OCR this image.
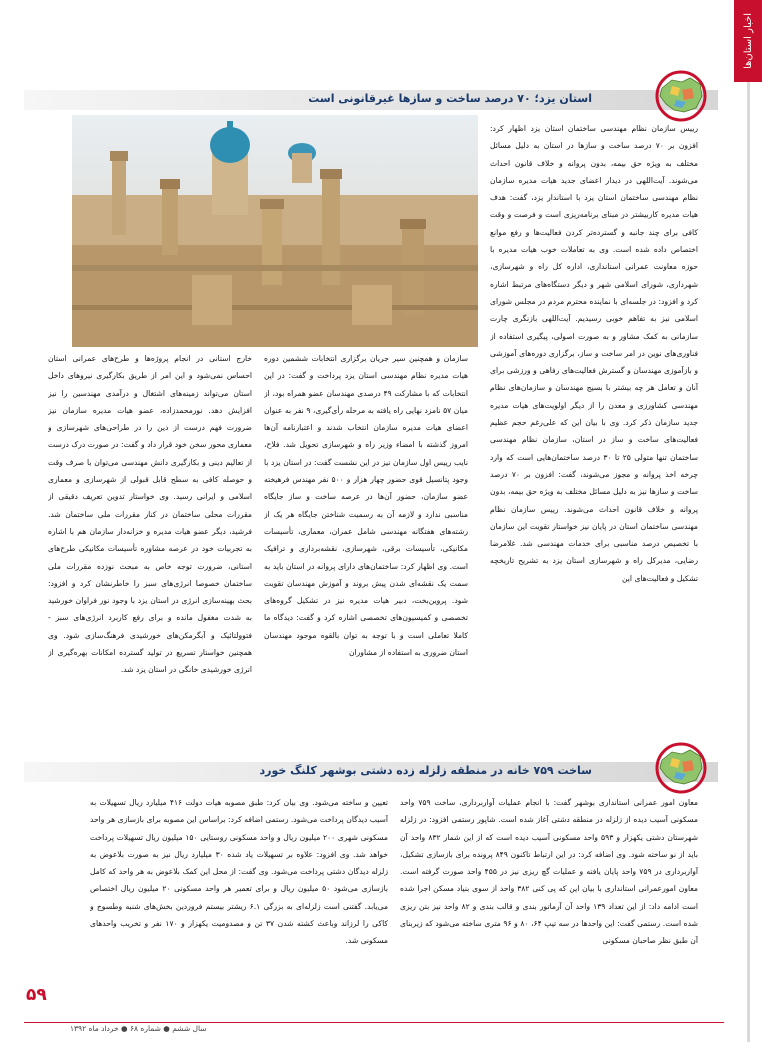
اخبار استان‌ها
استان یزد؛ ۷۰ درصد ساخت و سازها غیرقانونی است
رییس سازمان نظام مهندسی ساختمان استان یزد اظهار کرد: افزون بر ۷۰ درصد ساخت و سازها در استان به دلیل مسائل مختلف به ویژه حق بیمه، بدون پروانه و خلاف قانون احداث می‌شوند. آیت‌اللهی در دیدار اعضای جدید هیات مدیره سازمان نظام مهندسی ساختمان استان یزد با استاندار یزد، گفت: هدف هیات مدیره کاربیشتر در مبنای برنامه‌ریزی است و فرصت و وقت کافی برای چند جانبه و گسترده‌تر کردن فعالیت‌ها و رفع موانع اختصاص داده شده است. وی به تعاملات خوب هیات مدیره با حوزه معاونت عمرانی استانداری، اداره کل راه و شهرسازی، شهرداری، شورای اسلامی شهر و دیگر دستگاه‌های مرتبط اشاره کرد و افزود: در جلسه‌ای با نماینده محترم مردم در مجلس شورای اسلامی نیز به تفاهم خوبی رسیدیم. آیت‌اللهی بازنگری چارت سازمانی به کمک مشاور و به صورت اصولی، پیگیری استفاده از فناوری‌های نوین در امر ساخت و ساز، برگزاری دوره‌های آموزشی و بازآموزی مهندسان و گسترش فعالیت‌های رفاهی و ورزشی برای آنان و تعامل هر چه بیشتر با بسیج مهندسان و سازمان‌های نظام مهندسی کشاورزی و معدن را از دیگر اولویت‌های هیات مدیره جدید سازمان ذکر کرد. وی با بیان این که علی‌رغم حجم عظیم فعالیت‌های ساخت و ساز در استان، سازمان نظام مهندسی ساختمان تنها متولی ۲۵ تا ۳۰ درصد ساختمان‌هایی است که وارد چرخه اخذ پروانه و مجوز می‌شوند، گفت: افزون بر ۷۰ درصد ساخت و سازها نیز به دلیل مسائل مختلف به ویژه حق بیمه، بدون پروانه و خلاف قانون احداث می‌شوند. رییس سازمان نظام مهندسی ساختمان استان در پایان نیز خواستار تقویت این سازمان با تخصیص درصد مناسبی برای خدمات مهندسی شد. غلامرضا رضایی، مدیرکل راه و شهرسازی استان یزد به تشریح تاریخچه تشکیل و فعالیت‌های این
سازمان و همچنین سیر جریان برگزاری انتخابات ششمین دوره هیات مدیره نظام مهندسی استان یزد پرداخت و گفت: در این انتخابات که با مشارکت ۴۹ درصدی مهندسان عضو همراه بود، از میان ۵۷ نامزد نهایی راه یافته به مرحله رأی‌گیری، ۹ نفر به عنوان اعضای هیات مدیره سازمان انتخاب شدند و اعتبارنامه آن‌ها امروز گذشته با امضاء وزیر راه و شهرسازی تحویل شد. فلاح، نایب رییس اول سازمان نیز در این نشست گفت: در استان یزد با وجود پتانسیل قوی حضور چهار هزار و ۵۰۰ نفر مهندس فرهیخته عضو سازمان، حضور آن‌ها در عرصه ساخت و ساز جایگاه مناسبی ندارد و لازمه آن به رسمیت شناختن جایگاه هر یک از رشته‌های هفتگانه مهندسی شامل عمران، معماری، تأسیسات مکانیکی، تأسیسات برقی، شهرسازی، نقشه‌برداری و ترافیک است. وی اظهار کرد: ساختمان‌های دارای پروانه در استان باید به سمت یک نقشه‌ای شدن پیش بروند و آموزش مهندسان تقویت شود. پروین‌بخت، دبیر هیات مدیره نیز در تشکیل گروه‌های تخصصی و کمیسیون‌های تخصصی اشاره کرد و گفت: دیدگاه ما کاملا تعاملی است و با توجه به توان بالقوه موجود مهندسان استان ضروری به استفاده از مشاوران
خارج استانی در انجام پروژه‌ها و طرح‌های عمرانی استان احساس نمی‌شود و این امر از طریق بکارگیری نیروهای داخل استان می‌تواند زمینه‌های اشتغال و درآمدی مهندسین را نیز افزایش دهد. نورمحمدزاده، عضو هیات مدیره سازمان نیز ضرورت فهم درست از دین را در طراحی‌های شهرسازی و معماری محور سخن خود قرار داد و گفت: در صورت درک درست از تعالیم دینی و بکارگیری دانش مهندسی می‌توان با صرف وقت و حوصله کافی به سطح قابل قبولی از شهرسازی و معماری اسلامی و ایرانی رسید. وی خواستار تدوین تعریف دقیقی از مقررات محلی ساختمان در کنار مقررات ملی ساختمان شد. فرشید، دیگر عضو هیات مدیره و خزانه‌دار سازمان هم با اشاره به تجربیات خود در عرصه مشاوره تأسیسات مکانیکی طرح‌های استانی، ضرورت توجه خاص به مبحث نوزده مقررات ملی ساختمان خصوصا انرژی‌های سبز را خاطرنشان کرد و افزود: بحث بهینه‌سازی انرژی در استان یزد با وجود نور فراوان خورشید به شدت مغفول مانده و برای رفع کاربرد انرژی‌های سبز - فتوولتائیک و آبگرمکن‌های خورشیدی فرهنگ‌سازی شود. وی همچنین خواستار تسریع در تولید گسترده امکانات بهره‌گیری از انرژی خورشیدی خانگی در استان یزد شد.
ساخت ۷۵۹ خانه در منطقه زلزله زده دشتی بوشهر کلنگ خورد
معاون امور عمرانی استانداری بوشهر گفت: با انجام عملیات آواربرداری، ساخت ۷۵۹ واحد مسکونی آسیب دیده از زلزله در منطقه دشتی آغاز شده است. شاپور رستمی افزود: در زلزله شهرستان دشتی یکهزار و ۵۹۳ واحد مسکونی آسیب دیده است که از این شمار ۸۳۲ واحد آن باید از نو ساخته شود. وی اضافه کرد: در این ارتباط تاکنون ۸۴۹ پرونده برای بازسازی تشکیل، آواربرداری در ۷۵۹ واحد پایان یافته و عملیات گچ ریزی نیز در ۴۵۵ واحد صورت گرفته است. معاون امورعمرانی استانداری با بیان این که پی کنی ۳۸۲ واحد از سوی بنیاد مسکن اجرا شده است ادامه داد: از این تعداد ۱۳۹ واحد آن آرماتور بندی و قالب بندی و ۸۲ واحد نیز بتن ریزی شده است. رستمی گفت: این واحدها در سه تیپ ۶۴، ۸۰ و ۹۶ متری ساخته می‌شود که زیربنای آن طبق نظر صاحبان مسکونی
تعیین و ساخته می‌شود. وی بیان کرد: طبق مصوبه هیات دولت ۴۱۶ میلیارد ریال تسهیلات به آسیب دیدگان پرداخت می‌شود. رستمی اضافه کرد: براساس این مصوبه برای بازسازی هر واحد مسکونی شهری ۲۰۰ میلیون ریال و واحد مسکونی روستایی ۱۵۰ میلیون ریال تسهیلات پرداخت خواهد شد. وی افزود: علاوه بر تسهیلات یاد شده ۳۰ میلیارد ریال نیز به صورت بلاعوض به زلزله دیدگان دشتی پرداخت می‌شود. وی گفت: از محل این کمک بلاعوض به هر واحد که کامل بازسازی می‌شود ۵۰ میلیون ریال و برای تعمیر هر واحد مسکونی ۲۰ میلیون ریال اختصاص می‌یابد. گفتنی است زلزله‌ای به بزرگی ۶.۱ ریشتر بیستم فروردین بخش‌های شنبه وطسوج و کاکی را لرزاند وباعث کشته شدن ۳۷ تن و مصدومیت یکهزار و ۱۷۰ نفر و تخریب واحدهای مسکونی شد.
۵۹
سال ششم ● شماره ۶۸ ● خرداد ماه ۱۳۹۲
